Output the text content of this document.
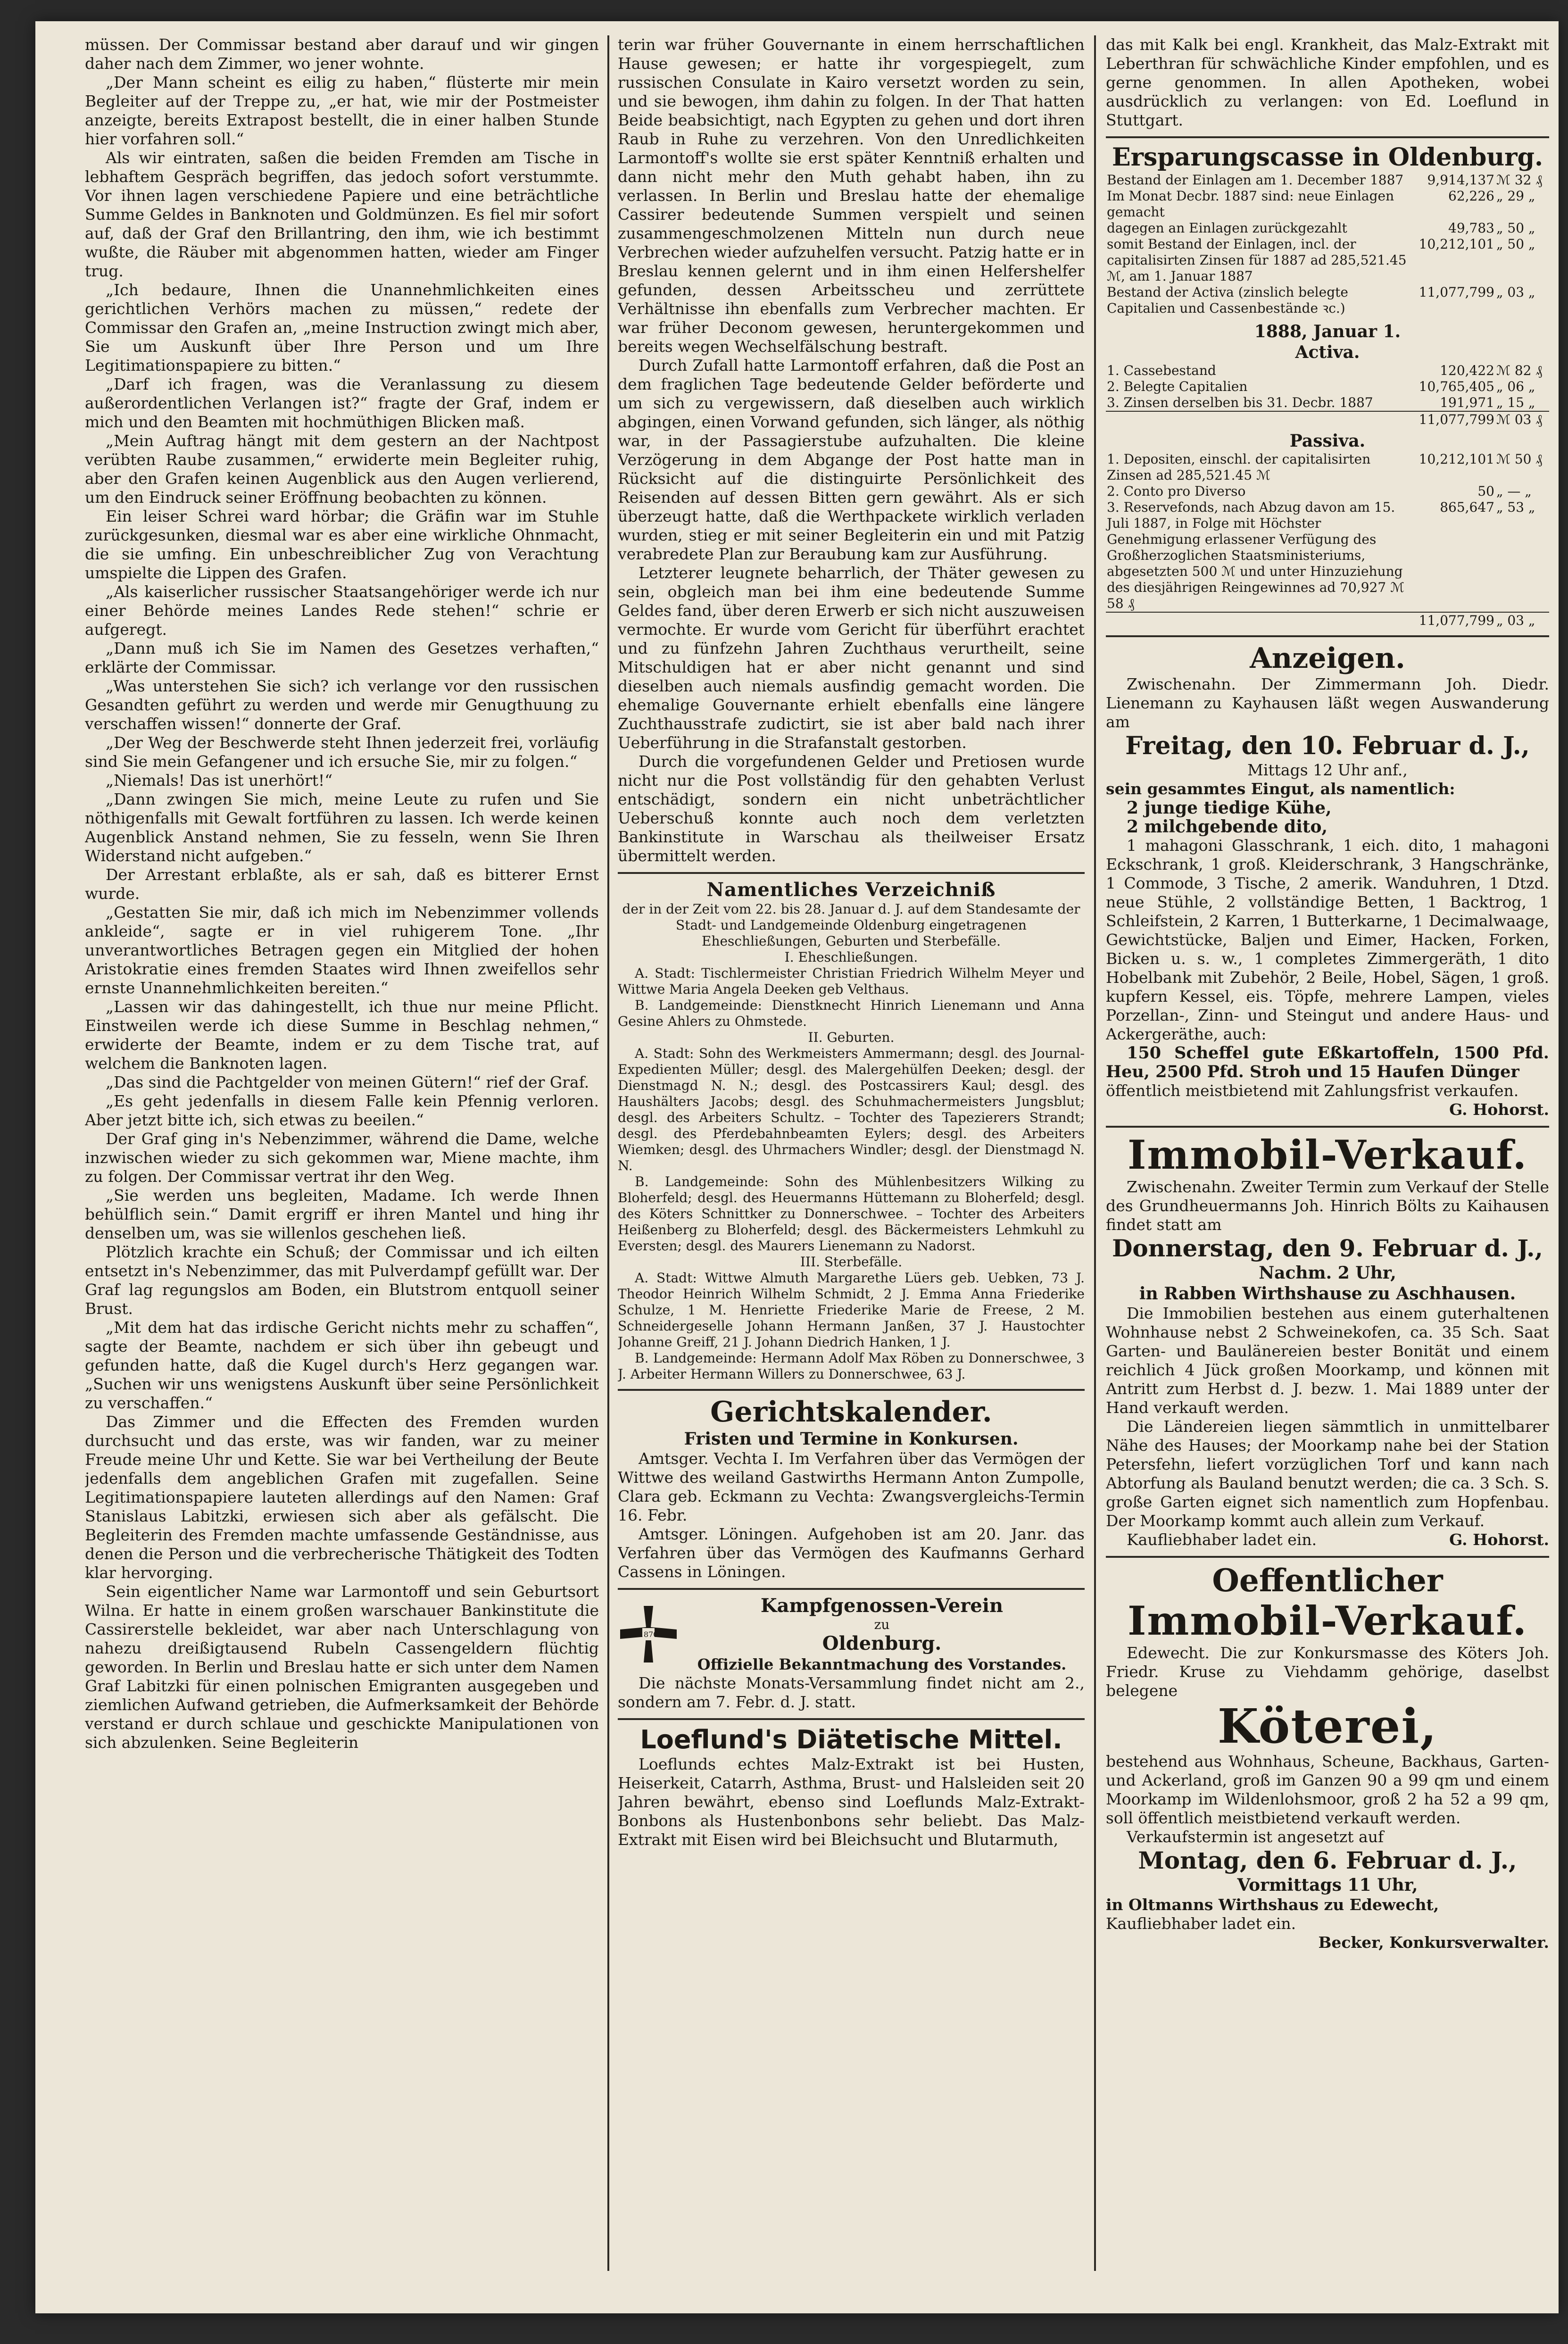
müssen. Der Commissar bestand aber darauf und wir gingen daher nach dem Zimmer, wo jener wohnte.

„Der Mann scheint es eilig zu haben,“ flüsterte mir mein Begleiter auf der Treppe zu, „er hat, wie mir der Postmeister anzeigte, bereits Extrapost bestellt, die in einer halben Stunde hier vorfahren soll.“

Als wir eintraten, saßen die beiden Fremden am Tische in lebhaftem Gespräch begriffen, das jedoch sofort verstummte. Vor ihnen lagen verschiedene Papiere und eine beträchtliche Summe Geldes in Banknoten und Goldmünzen. Es fiel mir sofort auf, daß der Graf den Brillantring, den ihm, wie ich bestimmt wußte, die Räuber mit abgenommen hatten, wieder am Finger trug.

„Ich bedaure, Ihnen die Unannehmlichkeiten eines gerichtlichen Verhörs machen zu müssen,“ redete der Commissar den Grafen an, „meine Instruction zwingt mich aber, Sie um Auskunft über Ihre Person und um Ihre Legitimationspapiere zu bitten.“

„Darf ich fragen, was die Veranlassung zu diesem außerordentlichen Verlangen ist?“ fragte der Graf, indem er mich und den Beamten mit hochmüthigen Blicken maß.

„Mein Auftrag hängt mit dem gestern an der Nachtpost verübten Raube zusammen,“ erwiderte mein Begleiter ruhig, aber den Grafen keinen Augenblick aus den Augen verlierend, um den Eindruck seiner Eröffnung beobachten zu können.

Ein leiser Schrei ward hörbar; die Gräfin war im Stuhle zurückgesunken, diesmal war es aber eine wirkliche Ohnmacht, die sie umfing. Ein unbeschreiblicher Zug von Verachtung umspielte die Lippen des Grafen.

„Als kaiserlicher russischer Staatsangehöriger werde ich nur einer Behörde meines Landes Rede stehen!“ schrie er aufgeregt.

„Dann muß ich Sie im Namen des Gesetzes verhaften,“ erklärte der Commissar.

„Was unterstehen Sie sich? ich verlange vor den russischen Gesandten geführt zu werden und werde mir Genugthuung zu verschaffen wissen!“ donnerte der Graf.

„Der Weg der Beschwerde steht Ihnen jederzeit frei, vorläufig sind Sie mein Gefangener und ich ersuche Sie, mir zu folgen.“

„Niemals! Das ist unerhört!“

„Dann zwingen Sie mich, meine Leute zu rufen und Sie nöthigenfalls mit Gewalt fortführen zu lassen. Ich werde keinen Augenblick Anstand nehmen, Sie zu fesseln, wenn Sie Ihren Widerstand nicht aufgeben.“

Der Arrestant erblaßte, als er sah, daß es bitterer Ernst wurde.

„Gestatten Sie mir, daß ich mich im Nebenzimmer vollends ankleide“, sagte er in viel ruhigerem Tone. „Ihr unverantwortliches Betragen gegen ein Mitglied der hohen Aristokratie eines fremden Staates wird Ihnen zweifellos sehr ernste Unannehmlichkeiten bereiten.“

„Lassen wir das dahingestellt, ich thue nur meine Pflicht. Einstweilen werde ich diese Summe in Beschlag nehmen,“ erwiderte der Beamte, indem er zu dem Tische trat, auf welchem die Banknoten lagen.

„Das sind die Pachtgelder von meinen Gütern!“ rief der Graf.

„Es geht jedenfalls in diesem Falle kein Pfennig verloren. Aber jetzt bitte ich, sich etwas zu beeilen.“

Der Graf ging in's Nebenzimmer, während die Dame, welche inzwischen wieder zu sich gekommen war, Miene machte, ihm zu folgen. Der Commissar vertrat ihr den Weg.

„Sie werden uns begleiten, Madame. Ich werde Ihnen behülflich sein.“ Damit ergriff er ihren Mantel und hing ihr denselben um, was sie willenlos geschehen ließ.

Plötzlich krachte ein Schuß; der Commissar und ich eilten entsetzt in's Nebenzimmer, das mit Pulverdampf gefüllt war. Der Graf lag regungslos am Boden, ein Blutstrom entquoll seiner Brust.

„Mit dem hat das irdische Gericht nichts mehr zu schaffen“, sagte der Beamte, nachdem er sich über ihn gebeugt und gefunden hatte, daß die Kugel durch's Herz gegangen war. „Suchen wir uns wenigstens Auskunft über seine Persönlichkeit zu verschaffen.“

Das Zimmer und die Effecten des Fremden wurden durchsucht und das erste, was wir fanden, war zu meiner Freude meine Uhr und Kette. Sie war bei Vertheilung der Beute jedenfalls dem angeblichen Grafen mit zugefallen. Seine Legitimationspapiere lauteten allerdings auf den Namen: Graf Stanislaus Labitzki, erwiesen sich aber als gefälscht. Die Begleiterin des Fremden machte umfassende Geständnisse, aus denen die Person und die verbrecherische Thätigkeit des Todten klar hervorging.

Sein eigentlicher Name war Larmontoff und sein Geburtsort Wilna. Er hatte in einem großen warschauer Bankinstitute die Cassirerstelle bekleidet, war aber nach Unterschlagung von nahezu dreißigtausend Rubeln Cassengeldern flüchtig geworden. In Berlin und Breslau hatte er sich unter dem Namen Graf Labitzki für einen polnischen Emigranten ausgegeben und ziemlichen Aufwand getrieben, die Aufmerksamkeit der Behörde verstand er durch schlaue und geschickte Manipulationen von sich abzulenken. Seine Begleiterin

terin war früher Gouvernante in einem herrschaftlichen Hause gewesen; er hatte ihr vorgespiegelt, zum russischen Consulate in Kairo versetzt worden zu sein, und sie bewogen, ihm dahin zu folgen. In der That hatten Beide beabsichtigt, nach Egypten zu gehen und dort ihren Raub in Ruhe zu verzehren. Von den Unredlichkeiten Larmontoff's wollte sie erst später Kenntniß erhalten und dann nicht mehr den Muth gehabt haben, ihn zu verlassen. In Berlin und Breslau hatte der ehemalige Cassirer bedeutende Summen verspielt und seinen zusammengeschmolzenen Mitteln nun durch neue Verbrechen wieder aufzuhelfen versucht. Patzig hatte er in Breslau kennen gelernt und in ihm einen Helfershelfer gefunden, dessen Arbeitsscheu und zerrüttete Verhältnisse ihn ebenfalls zum Verbrecher machten. Er war früher Deconom gewesen, heruntergekommen und bereits wegen Wechselfälschung bestraft.

Durch Zufall hatte Larmontoff erfahren, daß die Post an dem fraglichen Tage bedeutende Gelder beförderte und um sich zu vergewissern, daß dieselben auch wirklich abgingen, einen Vorwand gefunden, sich länger, als nöthig war, in der Passagierstube aufzuhalten. Die kleine Verzögerung in dem Abgange der Post hatte man in Rücksicht auf die distinguirte Persönlichkeit des Reisenden auf dessen Bitten gern gewährt. Als er sich überzeugt hatte, daß die Werthpackete wirklich verladen wurden, stieg er mit seiner Begleiterin ein und mit Patzig verabredete Plan zur Beraubung kam zur Ausführung.

Letzterer leugnete beharrlich, der Thäter gewesen zu sein, obgleich man bei ihm eine bedeutende Summe Geldes fand, über deren Erwerb er sich nicht auszuweisen vermochte. Er wurde vom Gericht für überführt erachtet und zu fünfzehn Jahren Zuchthaus verurtheilt, seine Mitschuldigen hat er aber nicht genannt und sind dieselben auch niemals ausfindig gemacht worden. Die ehemalige Gouvernante erhielt ebenfalls eine längere Zuchthausstrafe zudictirt, sie ist aber bald nach ihrer Ueberführung in die Strafanstalt gestorben.

Durch die vorgefundenen Gelder und Pretiosen wurde nicht nur die Post vollständig für den gehabten Verlust entschädigt, sondern ein nicht unbeträchtlicher Ueberschuß konnte auch noch dem verletzten Bankinstitute in Warschau als theilweiser Ersatz übermittelt werden.

Namentliches Verzeichniß

der in der Zeit vom 22. bis 28. Januar d. J. auf dem Standesamte der Stadt- und Landgemeinde Oldenburg eingetragenen Eheschließungen, Geburten und Sterbefälle.

I. Eheschließungen.

A. Stadt: Tischlermeister Christian Friedrich Wilhelm Meyer und Wittwe Maria Angela Deeken geb Velthaus.

B. Landgemeinde: Dienstknecht Hinrich Lienemann und Anna Gesine Ahlers zu Ohmstede.

II. Geburten.

A. Stadt: Sohn des Werkmeisters Ammermann; desgl. des Journal-Expedienten Müller; desgl. des Malergehülfen Deeken; desgl. der Dienstmagd N. N.; desgl. des Postcassirers Kaul; desgl. des Haushälters Jacobs; desgl. des Schuhmachermeisters Jungsblut; desgl. des Arbeiters Schultz. – Tochter des Tapezierers Strandt; desgl. des Pferdebahnbeamten Eylers; desgl. des Arbeiters Wiemken; desgl. des Uhrmachers Windler; desgl. der Dienstmagd N. N.

B. Landgemeinde: Sohn des Mühlenbesitzers Wilking zu Bloherfeld; desgl. des Heuermanns Hüttemann zu Bloherfeld; desgl. des Köters Schnittker zu Donnerschwee. – Tochter des Arbeiters Heißenberg zu Bloherfeld; desgl. des Bäckermeisters Lehmkuhl zu Eversten; desgl. des Maurers Lienemann zu Nadorst.

III. Sterbefälle.

A. Stadt: Wittwe Almuth Margarethe Lüers geb. Uebken, 73 J. Theodor Heinrich Wilhelm Schmidt, 2 J. Emma Anna Friederike Schulze, 1 M. Henriette Friederike Marie de Freese, 2 M. Schneidergeselle Johann Hermann Janßen, 37 J. Haustochter Johanne Greiff, 21 J. Johann Diedrich Hanken, 1 J.

B. Landgemeinde: Hermann Adolf Max Röben zu Donnerschwee, 3 J. Arbeiter Hermann Willers zu Donnerschwee, 63 J.

Gerichtskalender.
Fristen und Termine in Konkursen.

Amtsger. Vechta I. Im Verfahren über das Vermögen der Wittwe des weiland Gastwirths Hermann Anton Zumpolle, Clara geb. Eckmann zu Vechta: Zwangsvergleichs-Termin 16. Febr.

Amtsger. Löningen. Aufgehoben ist am 20. Janr. das Verfahren über das Vermögen des Kaufmanns Gerhard Cassens in Löningen.

1870
Kampfgenossen-Verein
zu
Oldenburg.
Offizielle Bekanntmachung des Vorstandes.

Die nächste Monats-Versammlung findet nicht am 2., sondern am 7. Febr. d. J. statt.

Loeflund's Diätetische Mittel.

Loeflunds echtes Malz-Extrakt ist bei Husten, Heiserkeit, Catarrh, Asthma, Brust- und Halsleiden seit 20 Jahren bewährt, ebenso sind Loeflunds Malz-Extrakt-Bonbons als Hustenbonbons sehr beliebt. Das Malz-Extrakt mit Eisen wird bei Bleichsucht und Blutarmuth,

das mit Kalk bei engl. Krankheit, das Malz-Extrakt mit Leberthran für schwächliche Kinder empfohlen, und es gerne genommen. In allen Apotheken, wobei ausdrücklich zu verlangen: von Ed. Loeflund in Stuttgart.

Ersparungscasse in Oldenburg.
Bestand der Einlagen am 1. December 1887	9,914,137	ℳ 32 ₰
Im Monat Decbr. 1887 sind: neue Einlagen gemacht	62,226	„ 29 „
dagegen an Einlagen zurückgezahlt	49,783	„ 50 „
somit Bestand der Einlagen, incl. der capitalisirten Zinsen für 1887 ad 285,521.45 ℳ, am 1. Januar 1887	10,212,101	„ 50 „
Bestand der Activa (zinslich belegte Capitalien und Cassenbestände ꝛc.)	11,077,799	„ 03 „
1888, Januar 1.
Activa.
1. Cassebestand	120,422	ℳ 82 ₰
2. Belegte Capitalien	10,765,405	„ 06 „
3. Zinsen derselben bis 31. Decbr. 1887	191,971	„ 15 „
	11,077,799	ℳ 03 ₰
Passiva.
1. Depositen, einschl. der capitalisirten Zinsen ad 285,521.45 ℳ	10,212,101	ℳ 50 ₰
2. Conto pro Diverso	50	„ — „
3. Reservefonds, nach Abzug davon am 15. Juli 1887, in Folge mit Höchster Genehmigung erlassener Verfügung des Großherzoglichen Staatsministeriums, abgesetzten 500 ℳ und unter Hinzuziehung des diesjährigen Reingewinnes ad 70,927 ℳ 58 ₰	865,647	„ 53 „
	11,077,799	„ 03 „
Anzeigen.

Zwischenahn. Der Zimmermann Joh. Diedr. Lienemann zu Kayhausen läßt wegen Auswanderung am

Freitag, den 10. Februar d. J.,
Mittags 12 Uhr anf.,

sein gesammtes Eingut, als namentlich:

2 junge tiedige Kühe,

2 milchgebende dito,

1 mahagoni Glasschrank, 1 eich. dito, 1 mahagoni Eckschrank, 1 groß. Kleiderschrank, 3 Hangschränke, 1 Commode, 3 Tische, 2 amerik. Wanduhren, 1 Dtzd. neue Stühle, 2 vollständige Betten, 1 Backtrog, 1 Schleifstein, 2 Karren, 1 Butterkarne, 1 Decimalwaage, Gewichtstücke, Baljen und Eimer, Hacken, Forken, Bicken u. s. w., 1 completes Zimmergeräth, 1 dito Hobelbank mit Zubehör, 2 Beile, Hobel, Sägen, 1 groß. kupfern Kessel, eis. Töpfe, mehrere Lampen, vieles Porzellan-, Zinn- und Steingut und andere Haus- und Ackergeräthe, auch:

150 Scheffel gute Eßkartoffeln, 1500 Pfd. Heu, 2500 Pfd. Stroh und 15 Haufen Dünger

öffentlich meistbietend mit Zahlungsfrist verkaufen.

G. Hohorst.
Immobil-Verkauf.

Zwischenahn. Zweiter Termin zum Verkauf der Stelle des Grundheuermanns Joh. Hinrich Bölts zu Kaihausen findet statt am

Donnerstag, den 9. Februar d. J.,
Nachm. 2 Uhr,
in Rabben Wirthshause zu Aschhausen.

Die Immobilien bestehen aus einem guterhaltenen Wohnhause nebst 2 Schweinekofen, ca. 35 Sch. Saat Garten- und Baulänereien bester Bonität und einem reichlich 4 Jück großen Moorkamp, und können mit Antritt zum Herbst d. J. bezw. 1. Mai 1889 unter der Hand verkauft werden.

Die Ländereien liegen sämmtlich in unmittelbarer Nähe des Hauses; der Moorkamp nahe bei der Station Petersfehn, liefert vorzüglichen Torf und kann nach Abtorfung als Bauland benutzt werden; die ca. 3 Sch. S. große Garten eignet sich namentlich zum Hopfenbau. Der Moorkamp kommt auch allein zum Verkauf.

Kaufliebhaber ladet ein.	G. Hohorst.
Oeffentlicher
Immobil-Verkauf.

Edewecht. Die zur Konkursmasse des Köters Joh. Friedr. Kruse zu Viehdamm gehörige, daselbst belegene

Köterei,

bestehend aus Wohnhaus, Scheune, Backhaus, Garten- und Ackerland, groß im Ganzen 90 a 99 qm und einem Moorkamp im Wildenlohsmoor, groß 2 ha 52 a 99 qm, soll öffentlich meistbietend verkauft werden.

Verkaufstermin ist angesetzt auf

Montag, den 6. Februar d. J.,
Vormittags 11 Uhr,

in Oltmanns Wirthshaus zu Edewecht,

Kaufliebhaber ladet ein.

Becker, Konkursverwalter.
